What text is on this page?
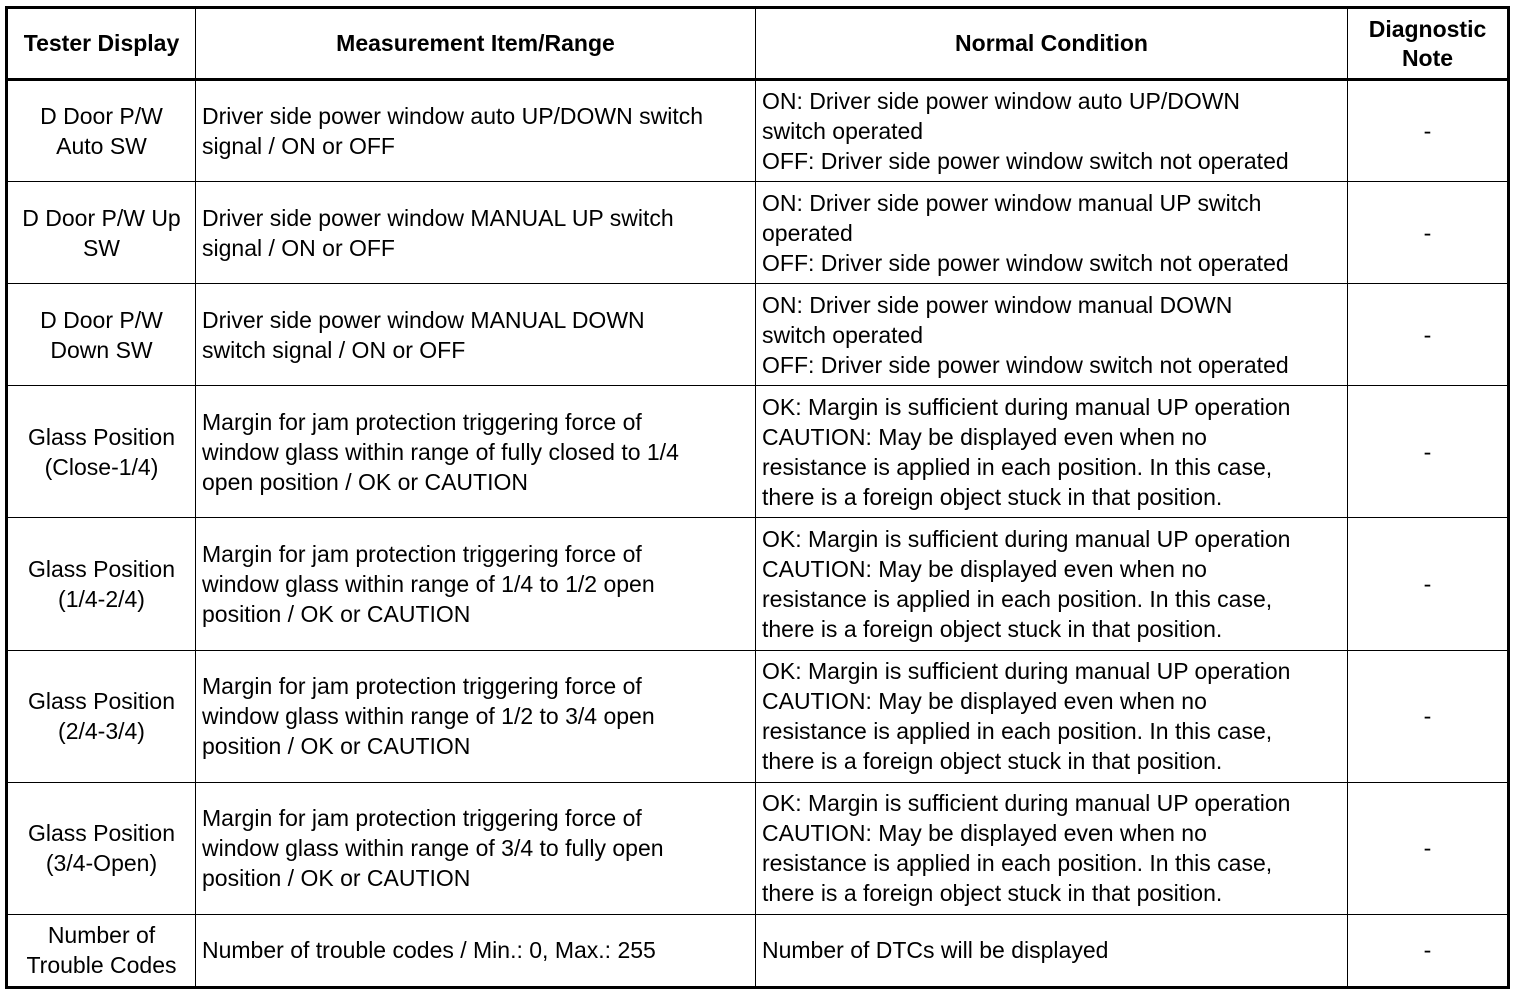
Tester Display	Measurement Item/Range	Normal Condition	Diagnostic
Note

D Door P/W
Auto SW	Driver side power window auto UP/DOWN switch
signal / ON or OFF	ON: Driver side power window auto UP/DOWN
switch operated
OFF: Driver side power window switch not operated	-

D Door P/W Up
SW	Driver side power window MANUAL UP switch
signal / ON or OFF	ON: Driver side power window manual UP switch
operated
OFF: Driver side power window switch not operated	-

D Door P/W
Down SW	Driver side power window MANUAL DOWN
switch signal / ON or OFF	ON: Driver side power window manual DOWN
switch operated
OFF: Driver side power window switch not operated	-

Glass Position
(Close-1/4)	Margin for jam protection triggering force of
window glass within range of fully closed to 1/4
open position / OK or CAUTION	OK: Margin is sufficient during manual UP operation
CAUTION: May be displayed even when no
resistance is applied in each position. In this case,
there is a foreign object stuck in that position.	-

Glass Position
(1/4-2/4)	Margin for jam protection triggering force of
window glass within range of 1/4 to 1/2 open
position / OK or CAUTION	OK: Margin is sufficient during manual UP operation
CAUTION: May be displayed even when no
resistance is applied in each position. In this case,
there is a foreign object stuck in that position.	-

Glass Position
(2/4-3/4)	Margin for jam protection triggering force of
window glass within range of 1/2 to 3/4 open
position / OK or CAUTION	OK: Margin is sufficient during manual UP operation
CAUTION: May be displayed even when no
resistance is applied in each position. In this case,
there is a foreign object stuck in that position.	-

Glass Position
(3/4-Open)	Margin for jam protection triggering force of
window glass within range of 3/4 to fully open
position / OK or CAUTION	OK: Margin is sufficient during manual UP operation
CAUTION: May be displayed even when no
resistance is applied in each position. In this case,
there is a foreign object stuck in that position.	-

Number of
Trouble Codes	Number of trouble codes / Min.: 0, Max.: 255	Number of DTCs will be displayed	-
